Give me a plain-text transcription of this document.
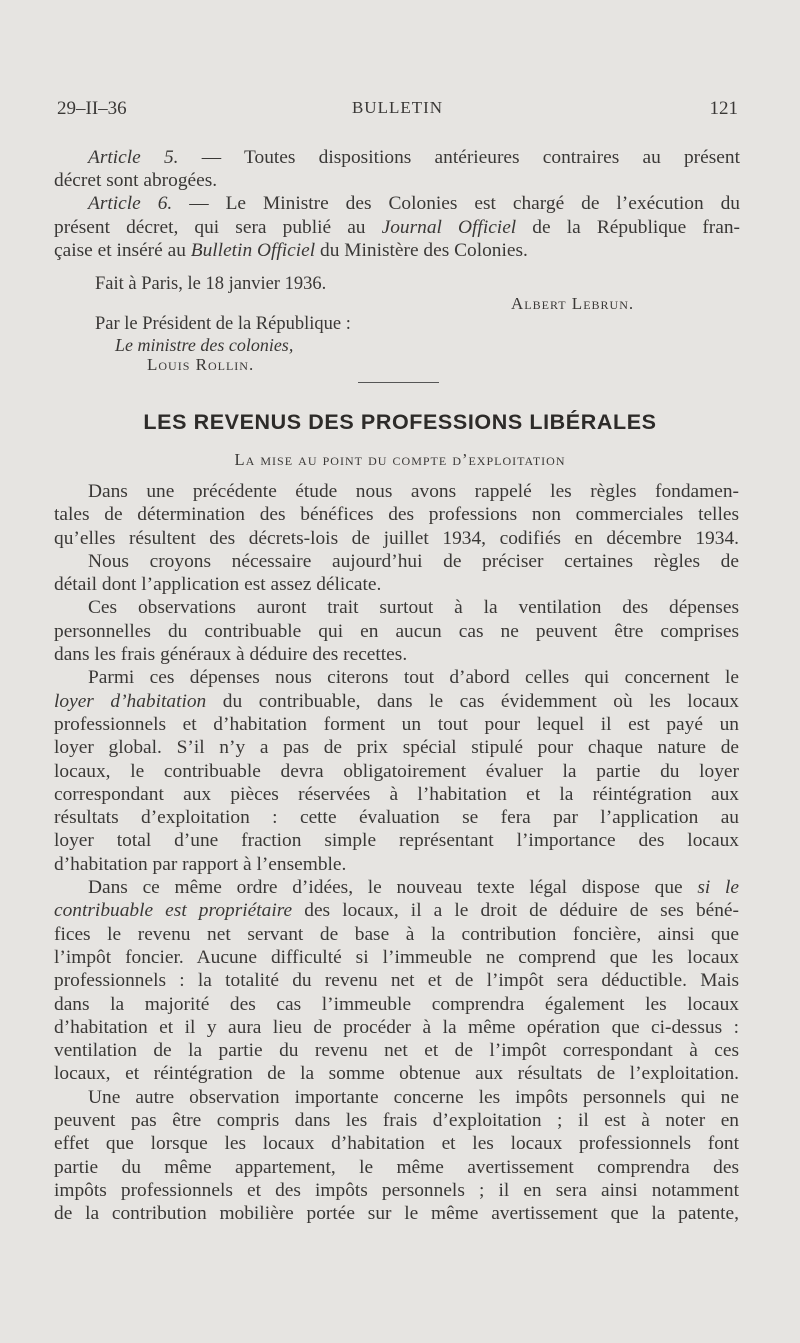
29–II–36	BULLETIN	121
Article 5. — Toutes dispositions antérieures contraires au présent
décret sont abrogées.
Article 6. — Le Ministre des Colonies est chargé de l’exécution du
présent décret, qui sera publié au Journal Officiel de la République fran-
çaise et inséré au Bulletin Officiel du Ministère des Colonies.
Fait à Paris, le 18 janvier 1936.
Albert Lebrun.
Par le Président de la République :
Le ministre des colonies,
Louis Rollin.
LES REVENUS DES PROFESSIONS LIBÉRALES
La mise au point du compte d’exploitation
Dans une précédente étude nous avons rappelé les règles fondamen-
tales de détermination des bénéfices des professions non commerciales telles
qu’elles résultent des décrets-lois de juillet 1934, codifiés en décembre 1934.
Nous croyons nécessaire aujourd’hui de préciser certaines règles de
détail dont l’application est assez délicate.
Ces observations auront trait surtout à la ventilation des dépenses
personnelles du contribuable qui en aucun cas ne peuvent être comprises
dans les frais généraux à déduire des recettes.
Parmi ces dépenses nous citerons tout d’abord celles qui concernent le
loyer d’habitation du contribuable, dans le cas évidemment où les locaux
professionnels et d’habitation forment un tout pour lequel il est payé un
loyer global. S’il n’y a pas de prix spécial stipulé pour chaque nature de
locaux, le contribuable devra obligatoirement évaluer la partie du loyer
correspondant aux pièces réservées à l’habitation et la réintégration aux
résultats d’exploitation : cette évaluation se fera par l’application au
loyer total d’une fraction simple représentant l’importance des locaux
d’habitation par rapport à l’ensemble.
Dans ce même ordre d’idées, le nouveau texte légal dispose que si le
contribuable est propriétaire des locaux, il a le droit de déduire de ses béné-
fices le revenu net servant de base à la contribution foncière, ainsi que
l’impôt foncier. Aucune difficulté si l’immeuble ne comprend que les locaux
professionnels : la totalité du revenu net et de l’impôt sera déductible. Mais
dans la majorité des cas l’immeuble comprendra également les locaux
d’habitation et il y aura lieu de procéder à la même opération que ci-dessus :
ventilation de la partie du revenu net et de l’impôt correspondant à ces
locaux, et réintégration de la somme obtenue aux résultats de l’exploitation.
Une autre observation importante concerne les impôts personnels qui ne
peuvent pas être compris dans les frais d’exploitation ; il est à noter en
effet que lorsque les locaux d’habitation et les locaux professionnels font
partie du même appartement, le même avertissement comprendra des
impôts professionnels et des impôts personnels ; il en sera ainsi notamment
de la contribution mobilière portée sur le même avertissement que la patente,
